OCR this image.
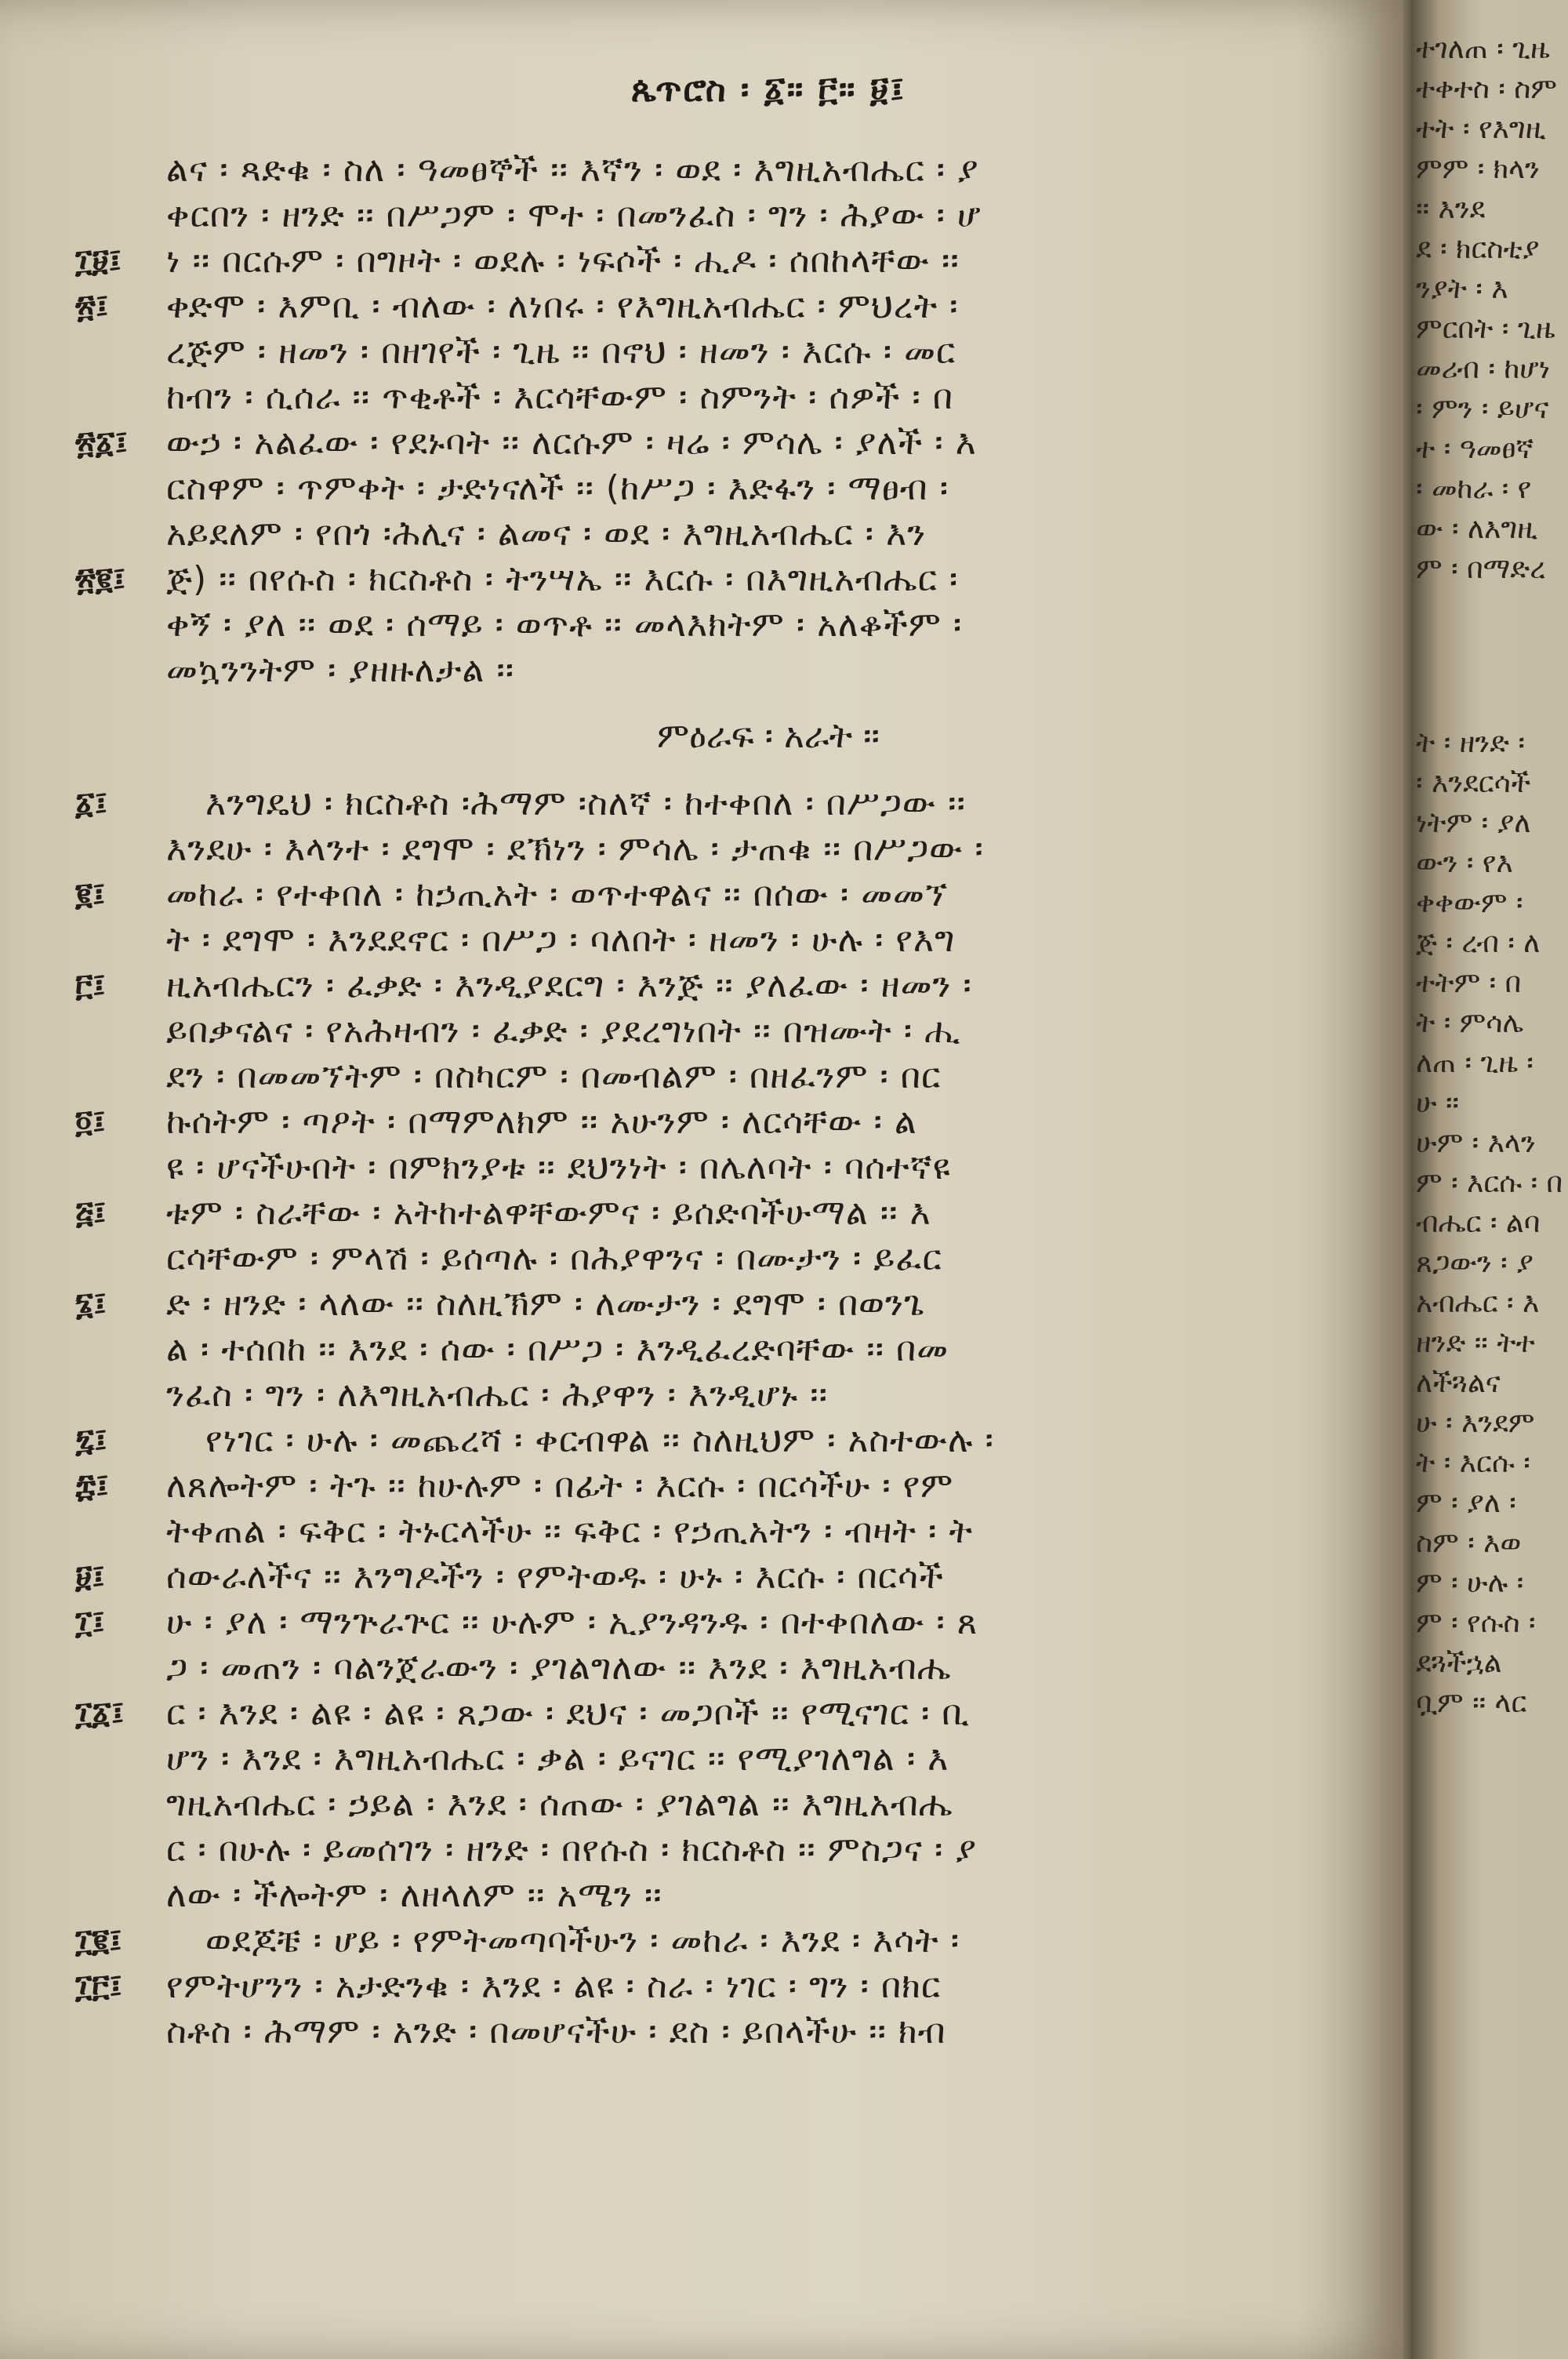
ጴጥሮስ ፡ ፩። ፫። ፱፤
ልና ፡ ጻድቁ ፡ ስለ ፡ ዓመፀኞች ፡፡ እኛን ፡ ወደ ፡ እግዚአብሔር ፡ ያ
ቀርበን ፡ ዘንድ ፡፡ በሥጋም ፡ ሞተ ፡ በመንፈስ ፡ ግን ፡ ሕያው ፡ ሆ
፲፱፤	ነ ፡፡ በርሱም ፡ በግዞት ፡ ወደሉ ፡ ነፍሶች ፡ ሒዶ ፡ ሰበከላቸው ፡፡
፳፤	ቀድሞ ፡ እምቢ ፡ ብለው ፡ ለነበሩ ፡ የእግዚአብሔር ፡ ምህረት ፡
ረጅም ፡ ዘመን ፡ በዘገየች ፡ ጊዜ ፡፡ በኖህ ፡ ዘመን ፡ እርሱ ፡ መር
ከብን ፡ ሲሰራ ፡፡ ጥቂቶች ፡ እርሳቸውም ፡ ስምንት ፡ ሰዎች ፡ በ
፳፩፤	ውኃ ፡ አልፈው ፡ የደኑባት ፡፡ ለርሱም ፡ ዛሬ ፡ ምሳሌ ፡ ያለች ፡ እ
ርስዋም ፡ ጥምቀት ፡ ታድነናለች ፡፡ (ከሥጋ ፡ እድፋን ፡ ማፀብ ፡
አይደለም ፡ የበጎ ፡ሕሊና ፡ ልመና ፡ ወደ ፡ እግዚአብሔር ፡ እን
፳፪፤	ጅ) ፡፡ በየሱስ ፡ ክርስቶስ ፡ ትንሣኤ ፡፡ እርሱ ፡ በእግዚአብሔር ፡
ቀኝ ፡ ያለ ፡፡ ወደ ፡ ሰማይ ፡ ወጥቶ ፡፡ መላእክትም ፡ አለቆችም ፡
መኳንንትም ፡ ያዘዙለታል ፡፡
ምዕራፍ ፡ አራት ፡፡
፩፤	እንግዴህ ፡ ክርስቶስ ፡ሕማም ፡ስለኛ ፡ ከተቀበለ ፡ በሥጋው ፡፡
እንደሁ ፡ እላንተ ፡ ደግሞ ፡ ደኽነን ፡ ምሳሌ ፡ ታጠቁ ፡፡ በሥጋው ፡
፪፤	መከራ ፡ የተቀበለ ፡ ከኃጢአት ፡ ወጥተዋልና ፡፡ በሰው ፡ መመኘ
ት ፡ ደግሞ ፡ እንደደኖር ፡ በሥጋ ፡ ባለበት ፡ ዘመን ፡ ሁሉ ፡ የእግ
፫፤	ዚአብሔርን ፡ ፈቃድ ፡ እንዲያደርግ ፡ እንጅ ፡፡ ያለፈው ፡ ዘመን ፡
ይበቃናልና ፡ የአሕዛብን ፡ ፈቃድ ፡ ያደረግነበት ፡፡ በዝሙት ፡ ሒ
ደን ፡ በመመኘትም ፡ በስካርም ፡ በመብልም ፡ በዘፈንም ፡ በር
፬፤	ኩሰትም ፡ ጣዖት ፡ በማምለክም ፡፡ አሁንም ፡ ለርሳቸው ፡ ል
ዩ ፡ ሆናችሁበት ፡ በምክንያቱ ፡፡ ደህንነት ፡ በሌለባት ፡ ባሰተኛዩ
፭፤	ቱም ፡ ስራቸው ፡ አትከተልዋቸውምና ፡ ይሰድባችሁማል ፡፡ እ
ርሳቸውም ፡ ምላሽ ፡ ይሰጣሉ ፡ በሕያዋንና ፡ በሙታን ፡ ይፈር
፮፤	ድ ፡ ዘንድ ፡ ላለው ፡፡ ስለዚኽም ፡ ለሙታን ፡ ደግሞ ፡ በወንጌ
ል ፡ ተሰበከ ፡፡ እንደ ፡ ሰው ፡ በሥጋ ፡ እንዲፈረድባቸው ፡፡ በመ
ንፈስ ፡ ግን ፡ ለእግዚአብሔር ፡ ሕያዋን ፡ እንዲሆኑ ፡፡
፯፤	የነገር ፡ ሁሉ ፡ መጨረሻ ፡ ቀርብዋል ፡፡ ስለዚህም ፡ አስተውሉ ፡
፰፤	ለጸሎትም ፡ ትጉ ፡፡ ከሁሉም ፡ በፊት ፡ እርሱ ፡ በርሳችሁ ፡ የም
ትቀጠል ፡ ፍቅር ፡ ትኑርላችሁ ፡፡ ፍቅር ፡ የኃጢአትን ፡ ብዛት ፡ ት
፱፤	ሰውራለችና ፡፡ እንግዶችን ፡ የምትወዱ ፡ ሁኑ ፡ እርሱ ፡ በርሳች
፲፤	ሁ ፡ ያለ ፡ ማንጕራጕር ፡፡ ሁሉም ፡ ኢያንዳንዱ ፡ በተቀበለው ፡ ጸ
ጋ ፡ መጠን ፡ ባልንጀራውን ፡ ያገልግለው ፡፡ እንደ ፡ እግዚአብሔ
፲፩፤	ር ፡ እንደ ፡ ልዩ ፡ ልዩ ፡ ጸጋው ፡ ደህና ፡ መጋቦች ፡፡ የሚናገር ፡ ቢ
ሆን ፡ እንደ ፡ እግዚአብሔር ፡ ቃል ፡ ይናገር ፡፡ የሚያገለግል ፡ እ
ግዚአብሔር ፡ ኃይል ፡ እንደ ፡ ሰጠው ፡ ያገልግል ፡፡ እግዚአብሔ
ር ፡ በሁሉ ፡ ይመሰገን ፡ ዘንድ ፡ በየሱስ ፡ ክርስቶስ ፡፡ ምስጋና ፡ ያ
ለው ፡ ችሎትም ፡ ለዘላለም ፡፡ አሜን ፡፡
፲፪፤	ወደጆቼ ፡ ሆይ ፡ የምትመጣባችሁን ፡ መከራ ፡ እንደ ፡ እሳት ፡
፲፫፤	የምትሆንን ፡ አታድንቁ ፡ እንደ ፡ ልዩ ፡ ስራ ፡ ነገር ፡ ግን ፡ በክር
ስቶስ ፡ ሕማም ፡ አንድ ፡ በመሆናችሁ ፡ ደስ ፡ ይበላችሁ ፡፡ ክብ
ተገለጠ ፡ ጊዜ
ተቀተስ ፡ ስም
ተት ፡ የእግዚ
ምም ፡ ክላን
፡፡ እንደ
ደ ፡ ክርስቲያ
ንያት ፡ እ
ምርበት ፡ ጊዜ
መሪብ ፡ ከሆነ
፡ ምን ፡ ይሆና
ተ ፡ ዓመፀኛ
፡ መከራ ፡ የ
ው ፡ ለእግዚ
ም ፡ በማድረ
ት ፡ ዘንድ ፡
፡ እንደርሳች
ነትም ፡ ያለ
ውን ፡ የእ
ቀቀውም ፡
ጅ ፡ ረብ ፡ ለ
ተትም ፡ በ
ት ፡ ምሳሌ
ለጠ ፡ ጊዜ ፡
ሁ ፡፡
ሁም ፡ እላን
ም ፡ እርሱ ፡ በ
ብሔር ፡ ልባ
ጸጋውን ፡ ያ
አብሔር ፡ እ
ዘንድ ፡፡ ትተ
ለችጓልና
ሁ ፡ እንደም
ት ፡ እርሱ ፡
ም ፡ ያለ ፡
ስም ፡ እወ
ም ፡ ሁሉ ፡
ም ፡ የሱስ ፡
ደጓችኋል
ቧም ፡፡ ላር
